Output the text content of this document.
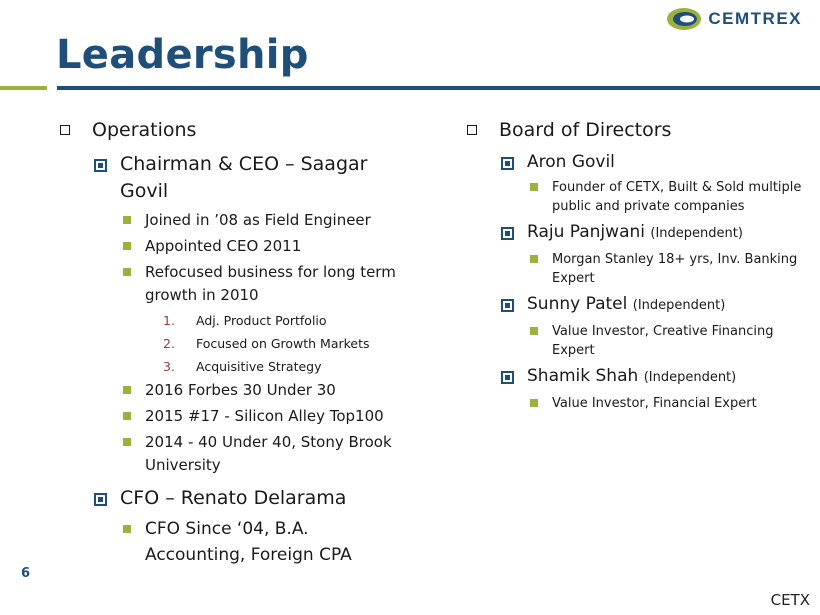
CEMTREX
Leadership
Operations
Chairman & CEO – Saagar Govil
Joined in ’08 as Field Engineer
Appointed CEO 2011
Refocused business for long term growth in 2010
1. Adj. Product Portfolio
2. Focused on Growth Markets
3. Acquisitive Strategy
2016 Forbes 30 Under 30
2015 #17 - Silicon Alley Top100
2014 - 40 Under 40, Stony Brook University
CFO – Renato Delarama
CFO Since ‘04, B.A. Accounting, Foreign CPA
Board of Directors
Aron Govil
Founder of CETX, Built & Sold multiple public and private companies
Raju Panjwani (Independent)
Morgan Stanley 18+ yrs, Inv. Banking Expert
Sunny Patel (Independent)
Value Investor, Creative Financing Expert
Shamik Shah (Independent)
Value Investor, Financial Expert
6
CETX
